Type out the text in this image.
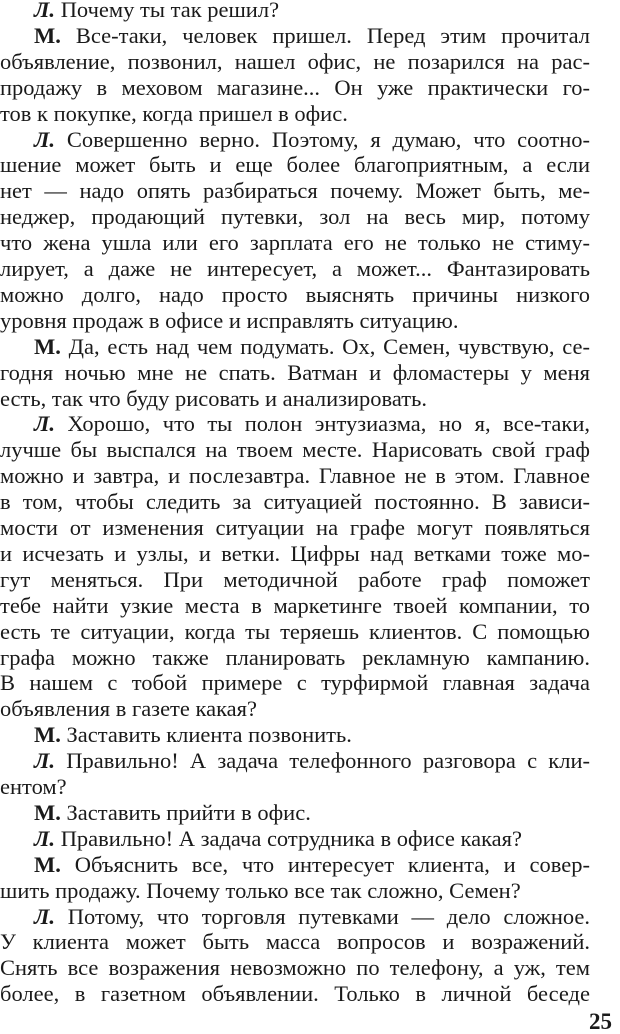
Л. Почему ты так решил?
М. Все-таки, человек пришел. Перед этим прочитал
объявление, позвонил, нашел офис, не позарился на рас-
продажу в меховом магазине... Он уже практически го-
тов к покупке, когда пришел в офис.
Л. Совершенно верно. Поэтому, я думаю, что соотно-
шение может быть и еще более благоприятным, а если
нет — надо опять разбираться почему. Может быть, ме-
неджер, продающий путевки, зол на весь мир, потому
что жена ушла или его зарплата его не только не стиму-
лирует, а даже не интересует, а может... Фантазировать
можно долго, надо просто выяснять причины низкого
уровня продаж в офисе и исправлять ситуацию.
М. Да, есть над чем подумать. Ох, Семен, чувствую, се-
годня ночью мне не спать. Ватман и фломастеры у меня
есть, так что буду рисовать и анализировать.
Л. Хорошо, что ты полон энтузиазма, но я, все-таки,
лучше бы выспался на твоем месте. Нарисовать свой граф
можно и завтра, и послезавтра. Главное не в этом. Главное
в том, чтобы следить за ситуацией постоянно. В зависи-
мости от изменения ситуации на графе могут появляться
и исчезать и узлы, и ветки. Цифры над ветками тоже мо-
гут меняться. При методичной работе граф поможет
тебе найти узкие места в маркетинге твоей компании, то
есть те ситуации, когда ты теряешь клиентов. С помощью
графа можно также планировать рекламную кампанию.
В нашем с тобой примере с турфирмой главная задача
объявления в газете какая?
М. Заставить клиента позвонить.
Л. Правильно! А задача телефонного разговора с кли-
ентом?
М. Заставить прийти в офис.
Л. Правильно! А задача сотрудника в офисе какая?
М. Объяснить все, что интересует клиента, и совер-
шить продажу. Почему только все так сложно, Семен?
Л. Потому, что торговля путевками — дело сложное.
У клиента может быть масса вопросов и возражений.
Снять все возражения невозможно по телефону, а уж, тем
более, в газетном объявлении. Только в личной беседе
25
